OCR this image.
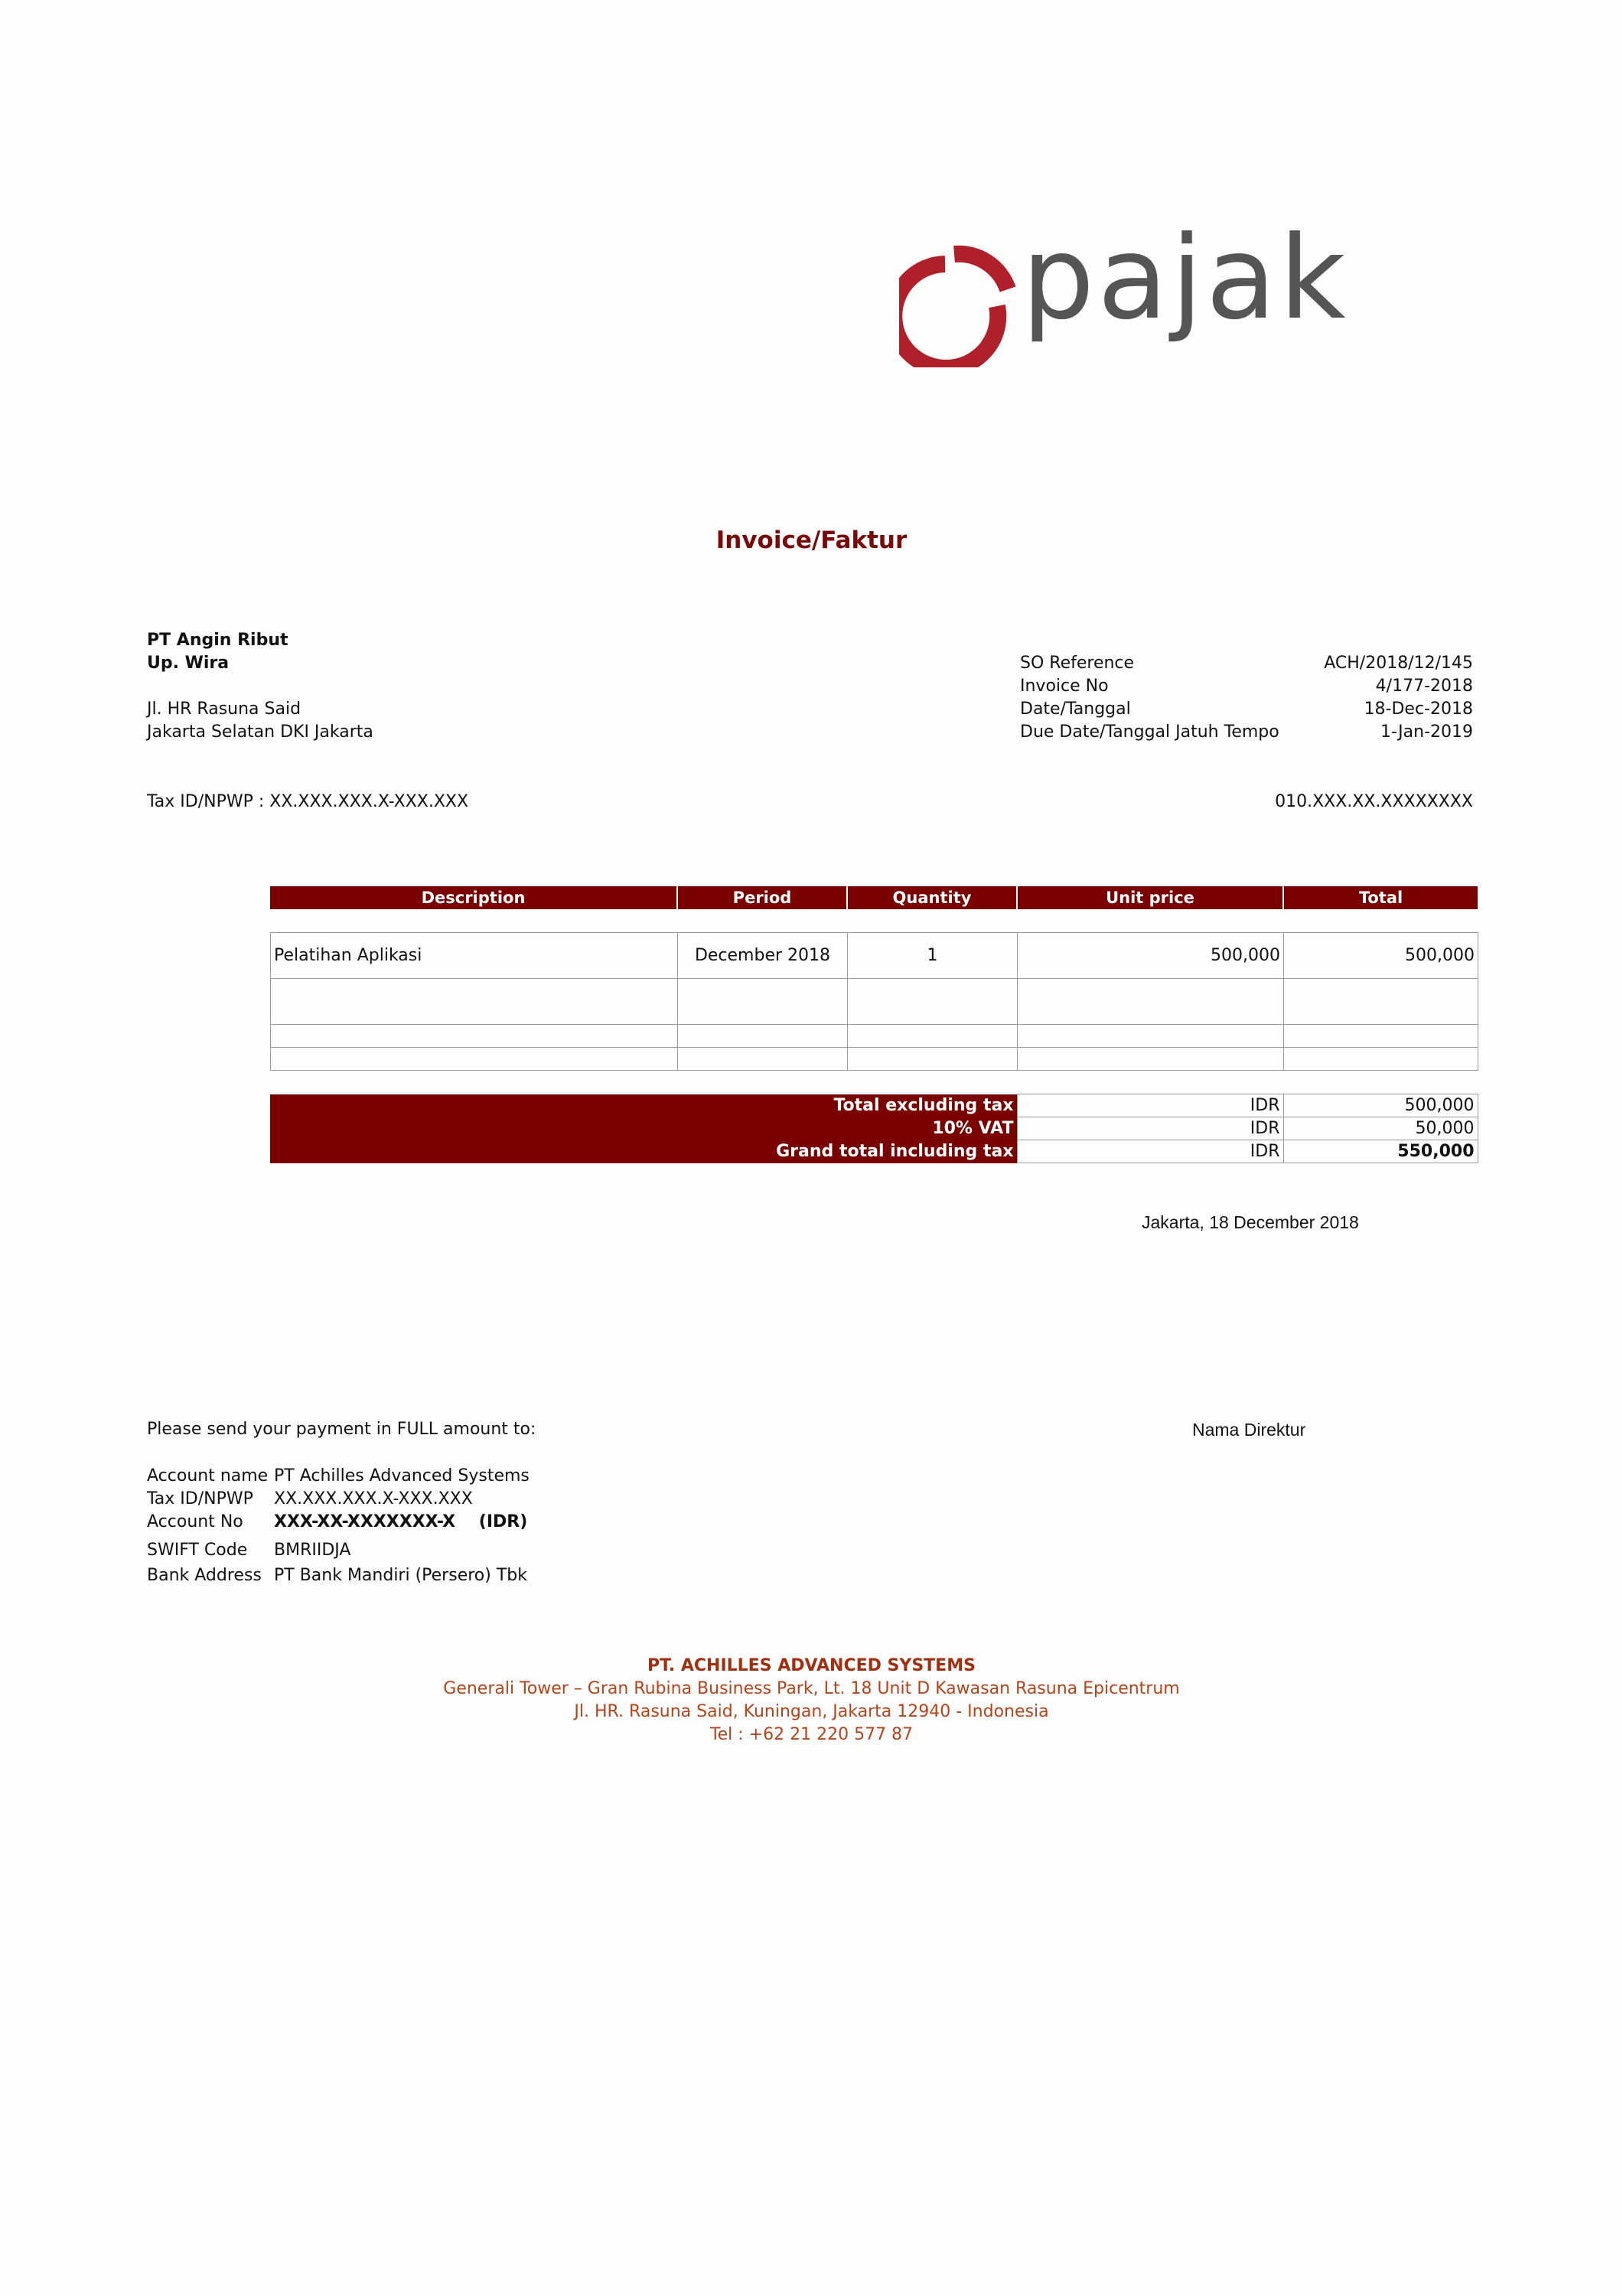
pajak
Invoice/Faktur
PT Angin Ribut
Up. Wira
Jl. HR Rasuna Said
Jakarta Selatan DKI Jakarta
Tax ID/NPWP : XX.XXX.XXX.X-XXX.XXX
SO Reference	ACH/2018/12/145
Invoice No	4/177-2018
Date/Tanggal	18-Dec-2018
Due Date/Tanggal Jatuh Tempo	1-Jan-2019
010.XXX.XX.XXXXXXXX
Description	Period	Quantity	Unit price	Total
Pelatihan Aplikasi	December 2018	1	500,000	500,000

Total excluding tax	IDR	500,000
10% VAT	IDR	50,000
Grand total including tax	IDR	550,000
Jakarta, 18 December 2018
Please send your payment in FULL amount to:	Nama Direktur
Account name PT Achilles Advanced Systems
Tax ID/NPWP XX.XXX.XXX.X-XXX.XXX
Account No XXX-XX-XXXXXXX-X    (IDR)
SWIFT Code BMRIIDJA
Bank Address PT Bank Mandiri (Persero) Tbk
PT. ACHILLES ADVANCED SYSTEMS
Generali Tower – Gran Rubina Business Park, Lt. 18 Unit D Kawasan Rasuna Epicentrum
Jl. HR. Rasuna Said, Kuningan, Jakarta 12940 - Indonesia
Tel : +62 21 220 577 87
